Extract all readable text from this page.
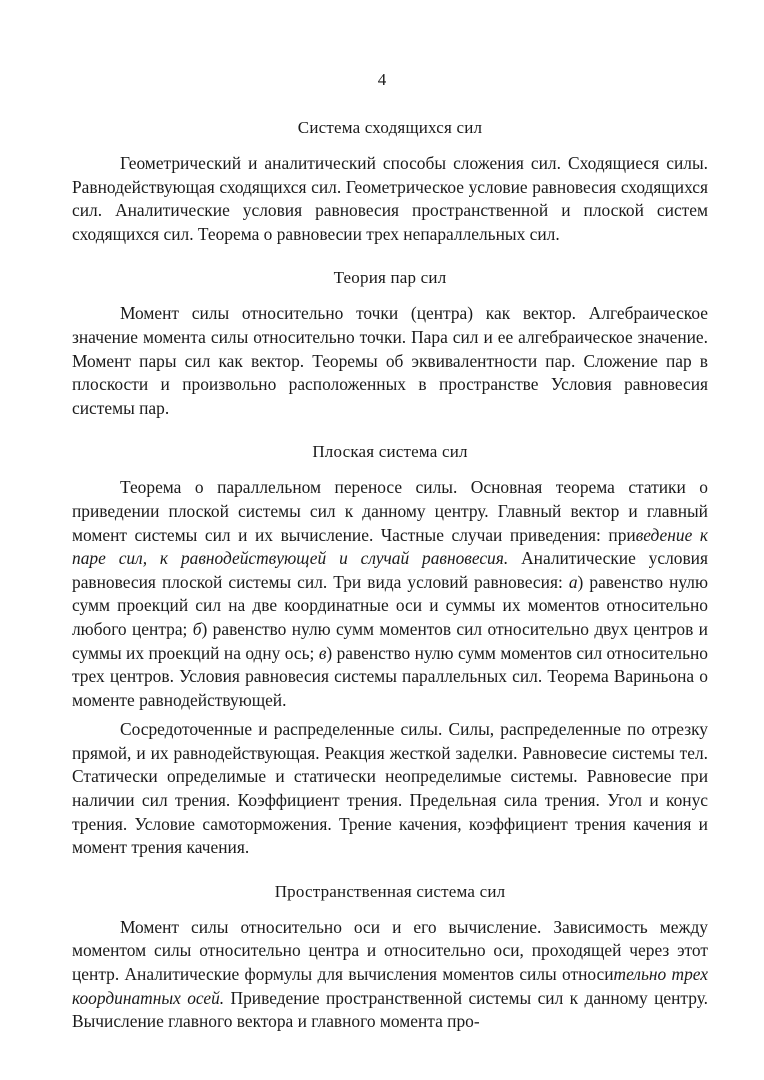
4
Система сходящихся сил

Геометрический и аналитический способы сложения сил. Сходящиеся силы. Равнодействующая сходящихся сил. Геометрическое условие равновесия сходящихся сил. Аналитические условия равновесия пространственной и плоской систем сходящихся сил. Теорема о равновесии трех непараллельных сил.

Теория пар сил

Момент силы относительно точки (центра) как вектор. Алгебраическое значение момента силы относительно точки. Пара сил и ее алгебраическое значение. Момент пары сил как вектор. Теоремы об эквивалентности пар. Сложение пар в плоскости и произвольно расположенных в пространстве Условия равновесия системы пар.

Плоская система сил

Теорема о параллельном переносе силы. Основная теорема статики о приведении плоской системы сил к данному центру. Главный вектор и главный момент системы сил и их вычисление. Частные случаи приведения: приведение к паре сил, к равнодействующей и случай равновесия. Аналитические условия равновесия плоской системы сил. Три вида условий равновесия: а) равенство нулю сумм проекций сил на две координатные оси и суммы их моментов относительно любого центра; б) равенство нулю сумм моментов сил относительно двух центров и суммы их проекций на одну ось; в) равенство нулю сумм моментов сил относительно трех центров. Условия равновесия системы параллельных сил. Теорема Вариньона о моменте равнодействующей.

Сосредоточенные и распределенные силы. Силы, распределенные по отрезку прямой, и их равнодействующая. Реакция жесткой заделки. Равновесие системы тел. Статически определимые и статически неопределимые системы. Равновесие при наличии сил трения. Коэффициент трения. Предельная сила трения. Угол и конус трения. Условие самоторможения. Трение качения, коэффициент трения качения и момент трения качения.

Пространственная система сил

Момент силы относительно оси и его вычисление. Зависимость между моментом силы относительно центра и относительно оси, проходящей через этот центр. Аналитические формулы для вычисления моментов силы относительно трех координатных осей. Приведение пространственной системы сил к данному центру. Вычисление главного вектора и главного момента про-
